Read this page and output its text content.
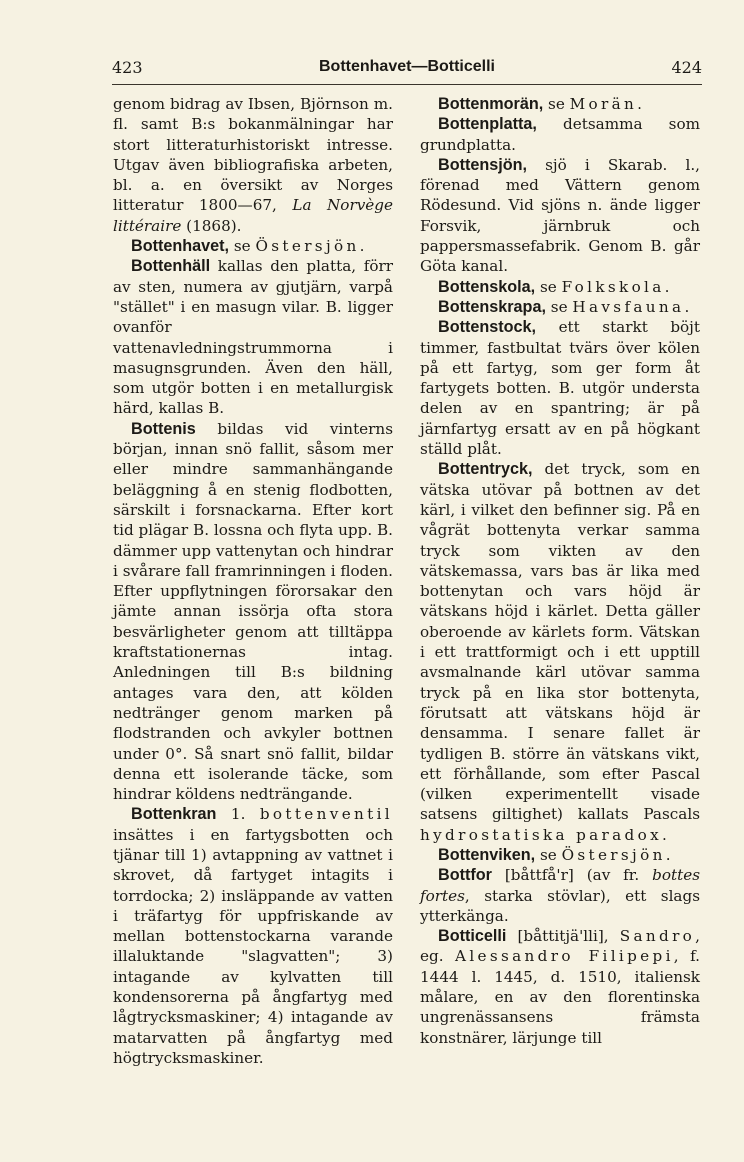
423	Bottenhavet—Botticelli	424

genom bidrag av Ibsen, Björnson m. fl. samt B:s bokanmälningar har stort litteraturhistoriskt intresse. Utgav även bibliografiska arbeten, bl. a. en översikt av Norges litteratur 1800—67, La Norvège littéraire (1868).

Bottenhavet, se Östersjön.

Bottenhäll kallas den platta, förr av sten, numera av gjutjärn, varpå "stället" i en masugn vilar. B. ligger ovanför vattenavledningstrummorna i masugnsgrunden. Även den häll, som utgör botten i en metallurgisk härd, kallas B.

Bottenis bildas vid vinterns början, innan snö fallit, såsom mer eller mindre sammanhängande beläggning å en stenig flodbotten, särskilt i forsnackarna. Efter kort tid plägar B. lossna och flyta upp. B. dämmer upp vattenytan och hindrar i svårare fall framrinningen i floden. Efter uppflytningen förorsakar den jämte annan issörja ofta stora besvärligheter genom att tilltäppa kraftstationernas intag. Anledningen till B:s bildning antages vara den, att kölden nedtränger genom marken på flodstranden och avkyler bottnen under 0°. Så snart snö fallit, bildar denna ett isolerande täcke, som hindrar köldens nedträngande.

Bottenkran 1. bottenventil insättes i en fartygsbotten och tjänar till 1) avtappning av vattnet i skrovet, då fartyget intagits i torrdocka; 2) insläppande av vatten i träfartyg för uppfriskande av mellan bottenstockarna varande illaluktande "slagvatten"; 3) intagande av kylvatten till kondensorerna på ångfartyg med lågtrycksmaskiner; 4) intagande av matarvatten på ångfartyg med högtrycksmaskiner.

Bottenmorän, se Morän.

Bottenplatta, detsamma som grundplatta.

Bottensjön, sjö i Skarab. l., förenad med Vättern genom Rödesund. Vid sjöns n. ände ligger Forsvik, järnbruk och pappersmassefabrik. Genom B. går Göta kanal.

Bottenskola, se Folkskola.

Bottenskrapa, se Havsfauna.

Bottenstock, ett starkt böjt timmer, fastbultat tvärs över kölen på ett fartyg, som ger form åt fartygets botten. B. utgör understa delen av en spantring; är på järnfartyg ersatt av en på högkant ställd plåt.

Bottentryck, det tryck, som en vätska utövar på bottnen av det kärl, i vilket den befinner sig. På en vågrät bottenyta verkar samma tryck som vikten av den vätskemassa, vars bas är lika med bottenytan och vars höjd är vätskans höjd i kärlet. Detta gäller oberoende av kärlets form. Vätskan i ett trattformigt och i ett upptill avsmalnande kärl utövar samma tryck på en lika stor bottenyta, förutsatt att vätskans höjd är densamma. I senare fallet är tydligen B. större än vätskans vikt, ett förhållande, som efter Pascal (vilken experimentellt visade satsens giltighet) kallats Pascals hydrostatiska paradox.

Bottenviken, se Östersjön.

Bottfor [båttfå'r] (av fr. bottes fortes, starka stövlar), ett slags ytterkänga.

Botticelli [båttitjä'lli], Sandro, eg. Alessandro Filipepi, f. 1444 l. 1445, d. 1510, italiensk målare, en av den florentinska ungrenässansens främsta konstnärer, lärjunge till
